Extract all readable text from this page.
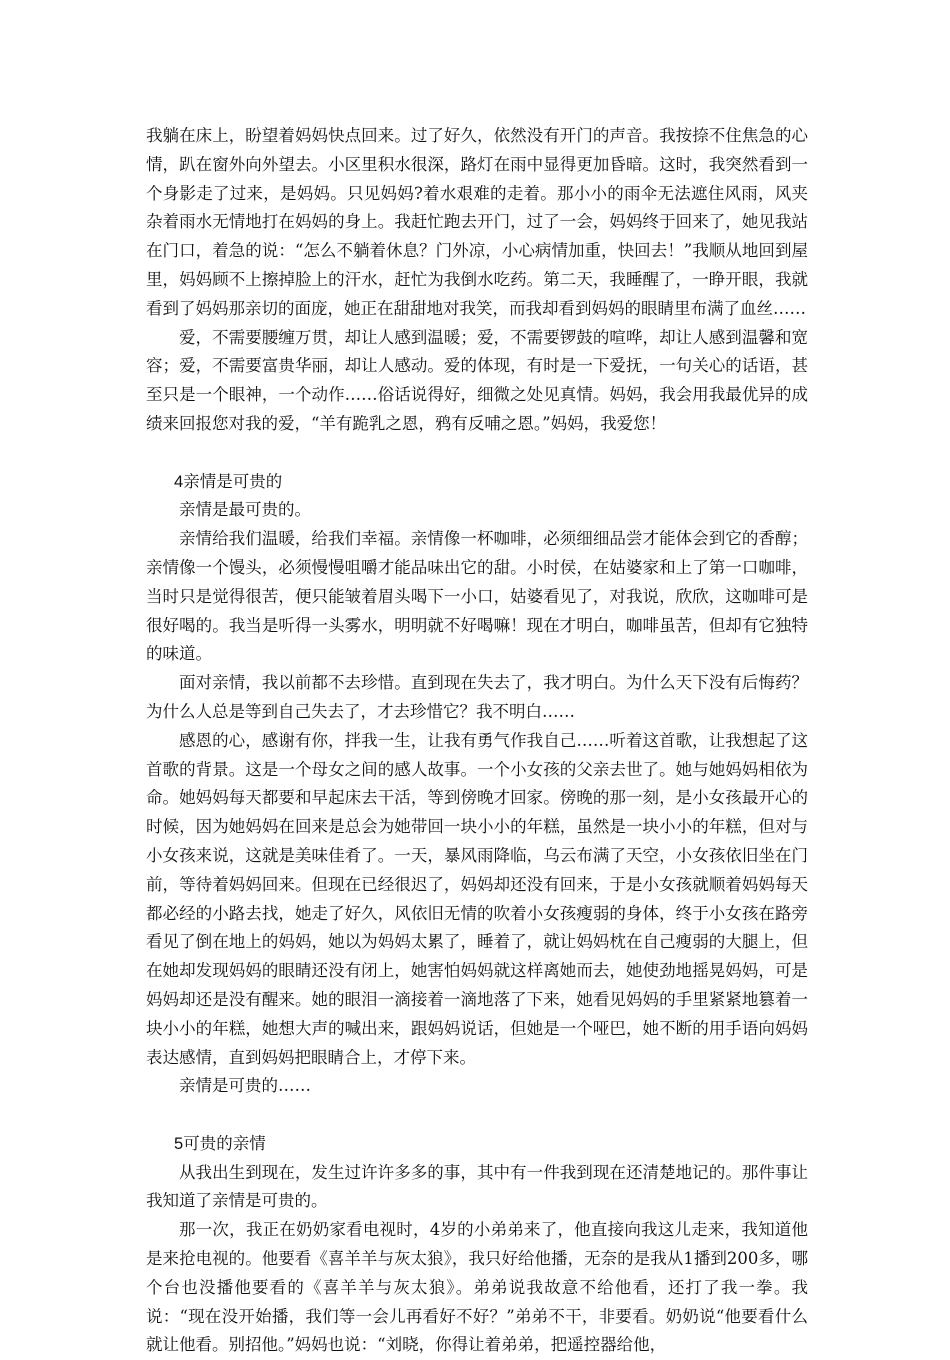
我躺在床上，盼望着妈妈快点回来。过了好久，依然没有开门的声音。我按捺不住焦急的心情，趴在窗外向外望去。小区里积水很深，路灯在雨中显得更加昏暗。这时，我突然看到一个身影走了过来，是妈妈。只见妈妈?着水艰难的走着。那小小的雨伞无法遮住风雨，风夹杂着雨水无情地打在妈妈的身上。我赶忙跑去开门，过了一会，妈妈终于回来了，她见我站在门口，着急的说：“怎么不躺着休息？门外凉，小心病情加重，快回去！”我顺从地回到屋里，妈妈顾不上擦掉脸上的汗水，赶忙为我倒水吃药。第二天，我睡醒了，一睁开眼，我就看到了妈妈那亲切的面庞，她正在甜甜地对我笑，而我却看到妈妈的眼睛里布满了血丝……

爱，不需要腰缠万贯，却让人感到温暖；爱，不需要锣鼓的喧哗，却让人感到温馨和宽容；爱，不需要富贵华丽，却让人感动。爱的体现，有时是一下爱抚，一句关心的话语，甚至只是一个眼神，一个动作……俗话说得好，细微之处见真情。妈妈，我会用我最优异的成绩来回报您对我的爱，“羊有跪乳之恩，鸦有反哺之恩。”妈妈，我爱您！

4亲情是可贵的

亲情是最可贵的。

亲情给我们温暖，给我们幸福。亲情像一杯咖啡，必须细细品尝才能体会到它的香醇；亲情像一个馒头，必须慢慢咀嚼才能品味出它的甜。小时侯，在姑婆家和上了第一口咖啡，当时只是觉得很苦，便只能皱着眉头喝下一小口，姑婆看见了，对我说，欣欣，这咖啡可是很好喝的。我当是听得一头雾水，明明就不好喝嘛！现在才明白，咖啡虽苦，但却有它独特的味道。

面对亲情，我以前都不去珍惜。直到现在失去了，我才明白。为什么天下没有后悔药？为什么人总是等到自己失去了，才去珍惜它？我不明白……

感恩的心，感谢有你，拌我一生，让我有勇气作我自己……听着这首歌，让我想起了这首歌的背景。这是一个母女之间的感人故事。一个小女孩的父亲去世了。她与她妈妈相依为命。她妈妈每天都要和早起床去干活，等到傍晚才回家。傍晚的那一刻，是小女孩最开心的时候，因为她妈妈在回来是总会为她带回一块小小的年糕，虽然是一块小小的年糕，但对与小女孩来说，这就是美味佳肴了。一天，暴风雨降临，乌云布满了天空，小女孩依旧坐在门前，等待着妈妈回来。但现在已经很迟了，妈妈却还没有回来，于是小女孩就顺着妈妈每天都必经的小路去找，她走了好久，风依旧无情的吹着小女孩瘦弱的身体，终于小女孩在路旁看见了倒在地上的妈妈，她以为妈妈太累了，睡着了，就让妈妈枕在自己瘦弱的大腿上，但在她却发现妈妈的眼睛还没有闭上，她害怕妈妈就这样离她而去，她使劲地摇晃妈妈，可是妈妈却还是没有醒来。她的眼泪一滴接着一滴地落了下来，她看见妈妈的手里紧紧地篡着一块小小的年糕，她想大声的喊出来，跟妈妈说话，但她是一个哑巴，她不断的用手语向妈妈表达感情，直到妈妈把眼睛合上，才停下来。

亲情是可贵的……

5可贵的亲情

从我出生到现在，发生过许许多多的事，其中有一件我到现在还清楚地记的。那件事让我知道了亲情是可贵的。

那一次，我正在奶奶家看电视时，4岁的小弟弟来了，他直接向我这儿走来，我知道他是来抢电视的。他要看《喜羊羊与灰太狼》，我只好给他播，无奈的是我从1播到200多，哪个台也没播他要看的《喜羊羊与灰太狼》。弟弟说我故意不给他看，还打了我一拳。我说：“现在没开始播，我们等一会儿再看好不好？”弟弟不干，非要看。奶奶说“他要看什么就让他看。别招他。”妈妈也说：“刘晓，你得让着弟弟，把遥控器给他，
